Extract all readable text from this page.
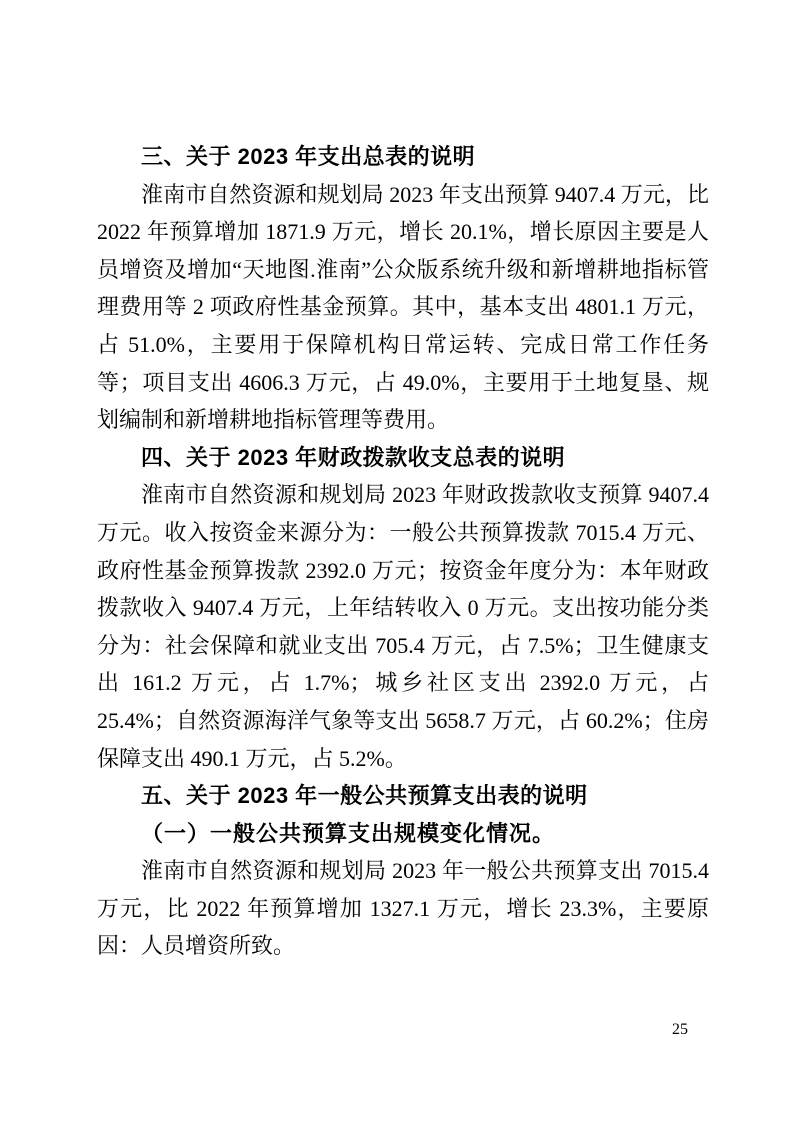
三、关于 2023 年支出总表的说明

淮南市自然资源和规划局 2023 年支出预算 9407.4 万元，比 2022 年预算增加 1871.9 万元，增长 20.1%，增长原因主要是人员增资及增加“天地图.淮南”公众版系统升级和新增耕地指标管理费用等 2 项政府性基金预算。其中，基本支出 4801.1 万元，占 51.0%，主要用于保障机构日常运转、完成日常工作任务等；项目支出 4606.3 万元，占 49.0%，主要用于土地复垦、规划编制和新增耕地指标管理等费用。

四、关于 2023 年财政拨款收支总表的说明

淮南市自然资源和规划局 2023 年财政拨款收支预算 9407.4 万元。收入按资金来源分为：一般公共预算拨款 7015.4 万元、政府性基金预算拨款 2392.0 万元；按资金年度分为：本年财政拨款收入 9407.4 万元，上年结转收入 0 万元。支出按功能分类分为：社会保障和就业支出 705.4 万元，占 7.5%；卫生健康支出 161.2 万元，占 1.7%；城乡社区支出 2392.0 万元，占 25.4%；自然资源海洋气象等支出 5658.7 万元，占 60.2%；住房保障支出 490.1 万元，占 5.2%。

五、关于 2023 年一般公共预算支出表的说明
（一）一般公共预算支出规模变化情况。

淮南市自然资源和规划局 2023 年一般公共预算支出 7015.4 万元，比 2022 年预算增加 1327.1 万元，增长 23.3%，主要原因：人员增资所致。

25
